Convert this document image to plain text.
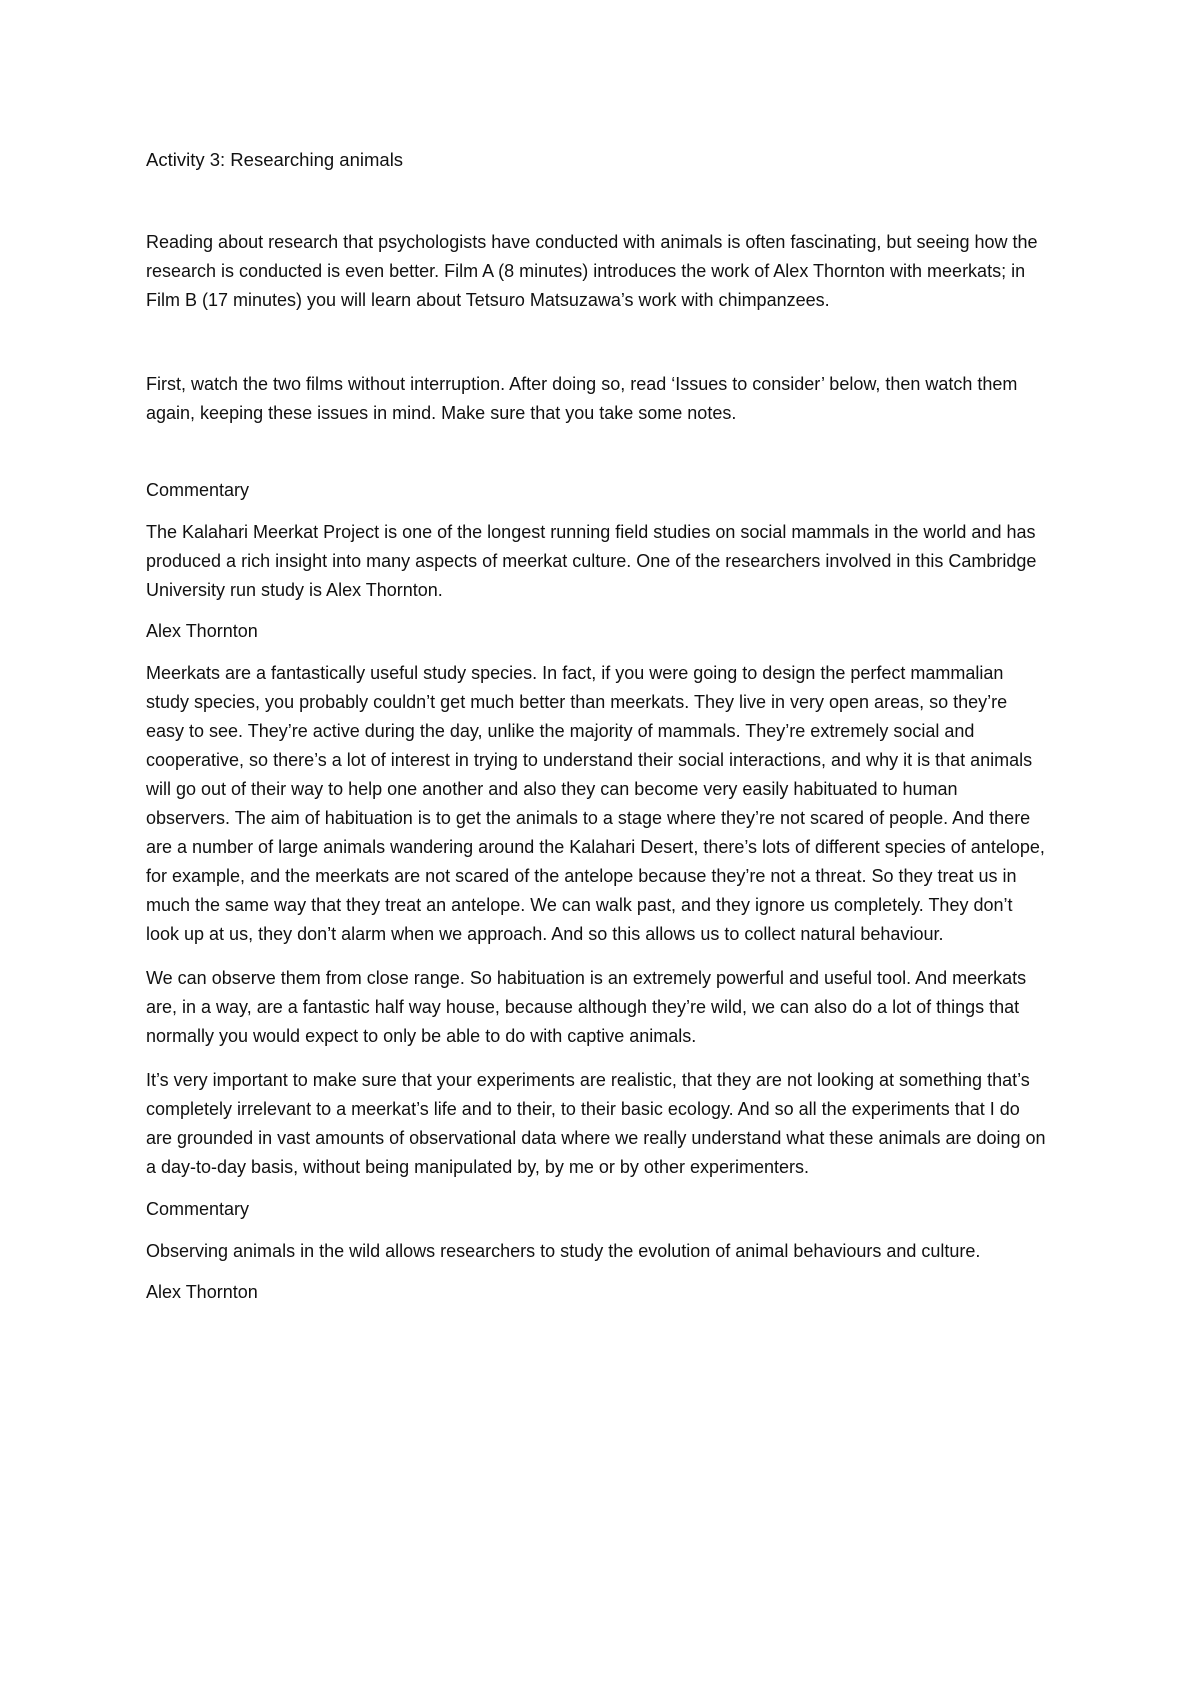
Activity 3: Researching animals

Reading about research that psychologists have conducted with animals is often fascinating, but seeing how the research is conducted is even better. Film A (8 minutes) introduces the work of Alex Thornton with meerkats; in Film B (17 minutes) you will learn about Tetsuro Matsuzawa’s work with chimpanzees.

First, watch the two films without interruption. After doing so, read ‘Issues to consider’ below, then watch them again, keeping these issues in mind. Make sure that you take some notes.

Commentary

The Kalahari Meerkat Project is one of the longest running field studies on social mammals in the world and has produced a rich insight into many aspects of meerkat culture. One of the researchers involved in this Cambridge University run study is Alex Thornton.

Alex Thornton

Meerkats are a fantastically useful study species. In fact, if you were going to design the perfect mammalian study species, you probably couldn’t get much better than meerkats. They live in very open areas, so they’re easy to see. They’re active during the day, unlike the majority of mammals. They’re extremely social and cooperative, so there’s a lot of interest in trying to understand their social interactions, and why it is that animals will go out of their way to help one another and also they can become very easily habituated to human observers. The aim of habituation is to get the animals to a stage where they’re not scared of people. And there are a number of large animals wandering around the Kalahari Desert, there’s lots of different species of antelope, for example, and the meerkats are not scared of the antelope because they’re not a threat. So they treat us in much the same way that they treat an antelope. We can walk past, and they ignore us completely. They don’t look up at us, they don’t alarm when we approach. And so this allows us to collect natural behaviour.

We can observe them from close range. So habituation is an extremely powerful and useful tool. And meerkats are, in a way, are a fantastic half way house, because although they’re wild, we can also do a lot of things that normally you would expect to only be able to do with captive animals.

It’s very important to make sure that your experiments are realistic, that they are not looking at something that’s completely irrelevant to a meerkat’s life and to their, to their basic ecology. And so all the experiments that I do are grounded in vast amounts of observational data where we really understand what these animals are doing on a day-to-day basis, without being manipulated by, by me or by other experimenters.

Commentary

Observing animals in the wild allows researchers to study the evolution of animal behaviours and culture.

Alex Thornton
